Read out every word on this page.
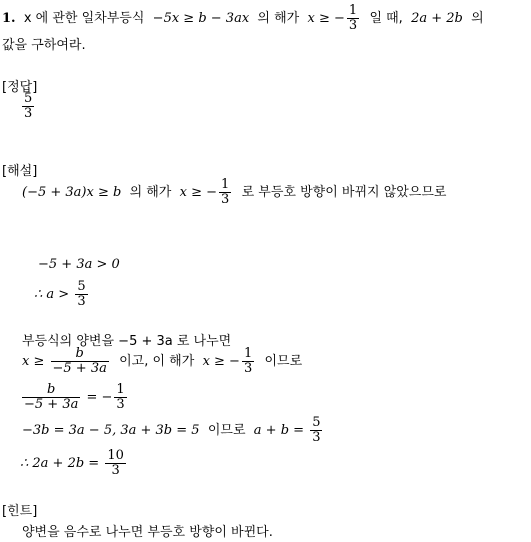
1. x 에 관한 일차부등식 −5x ≥ b − 3ax 의 해가 x ≥ − $\frac{1}{3}$ 일 때, 2a + 2b 의
값을 구하여라.
[정답]
$\frac{5}{3}$
[해설]
(−5 + 3a)x ≥ b 의 해가 x ≥ − $\frac{1}{3}$ 로 부등호 방향이 바뀌지 않았으므로
−5 + 3a > 0
∴ $a > \frac{5}{3}$
부등식의 양변을 −5 + 3a 로 나누면
$x \ge \frac{b}{-5 + 3a}$ 이고, 이 해가 x ≥ − $\frac{1}{3}$ 이므로
$\frac{b}{-5 + 3a}$ = − $\frac{1}{3}$
−3b = 3a − 5, 3a + 3b = 5 이므로 $a + b = \frac{5}{3}$
∴ $2a + 2b = \frac{10}{3}$
[힌트]
양변을 음수로 나누면 부등호 방향이 바뀐다.
